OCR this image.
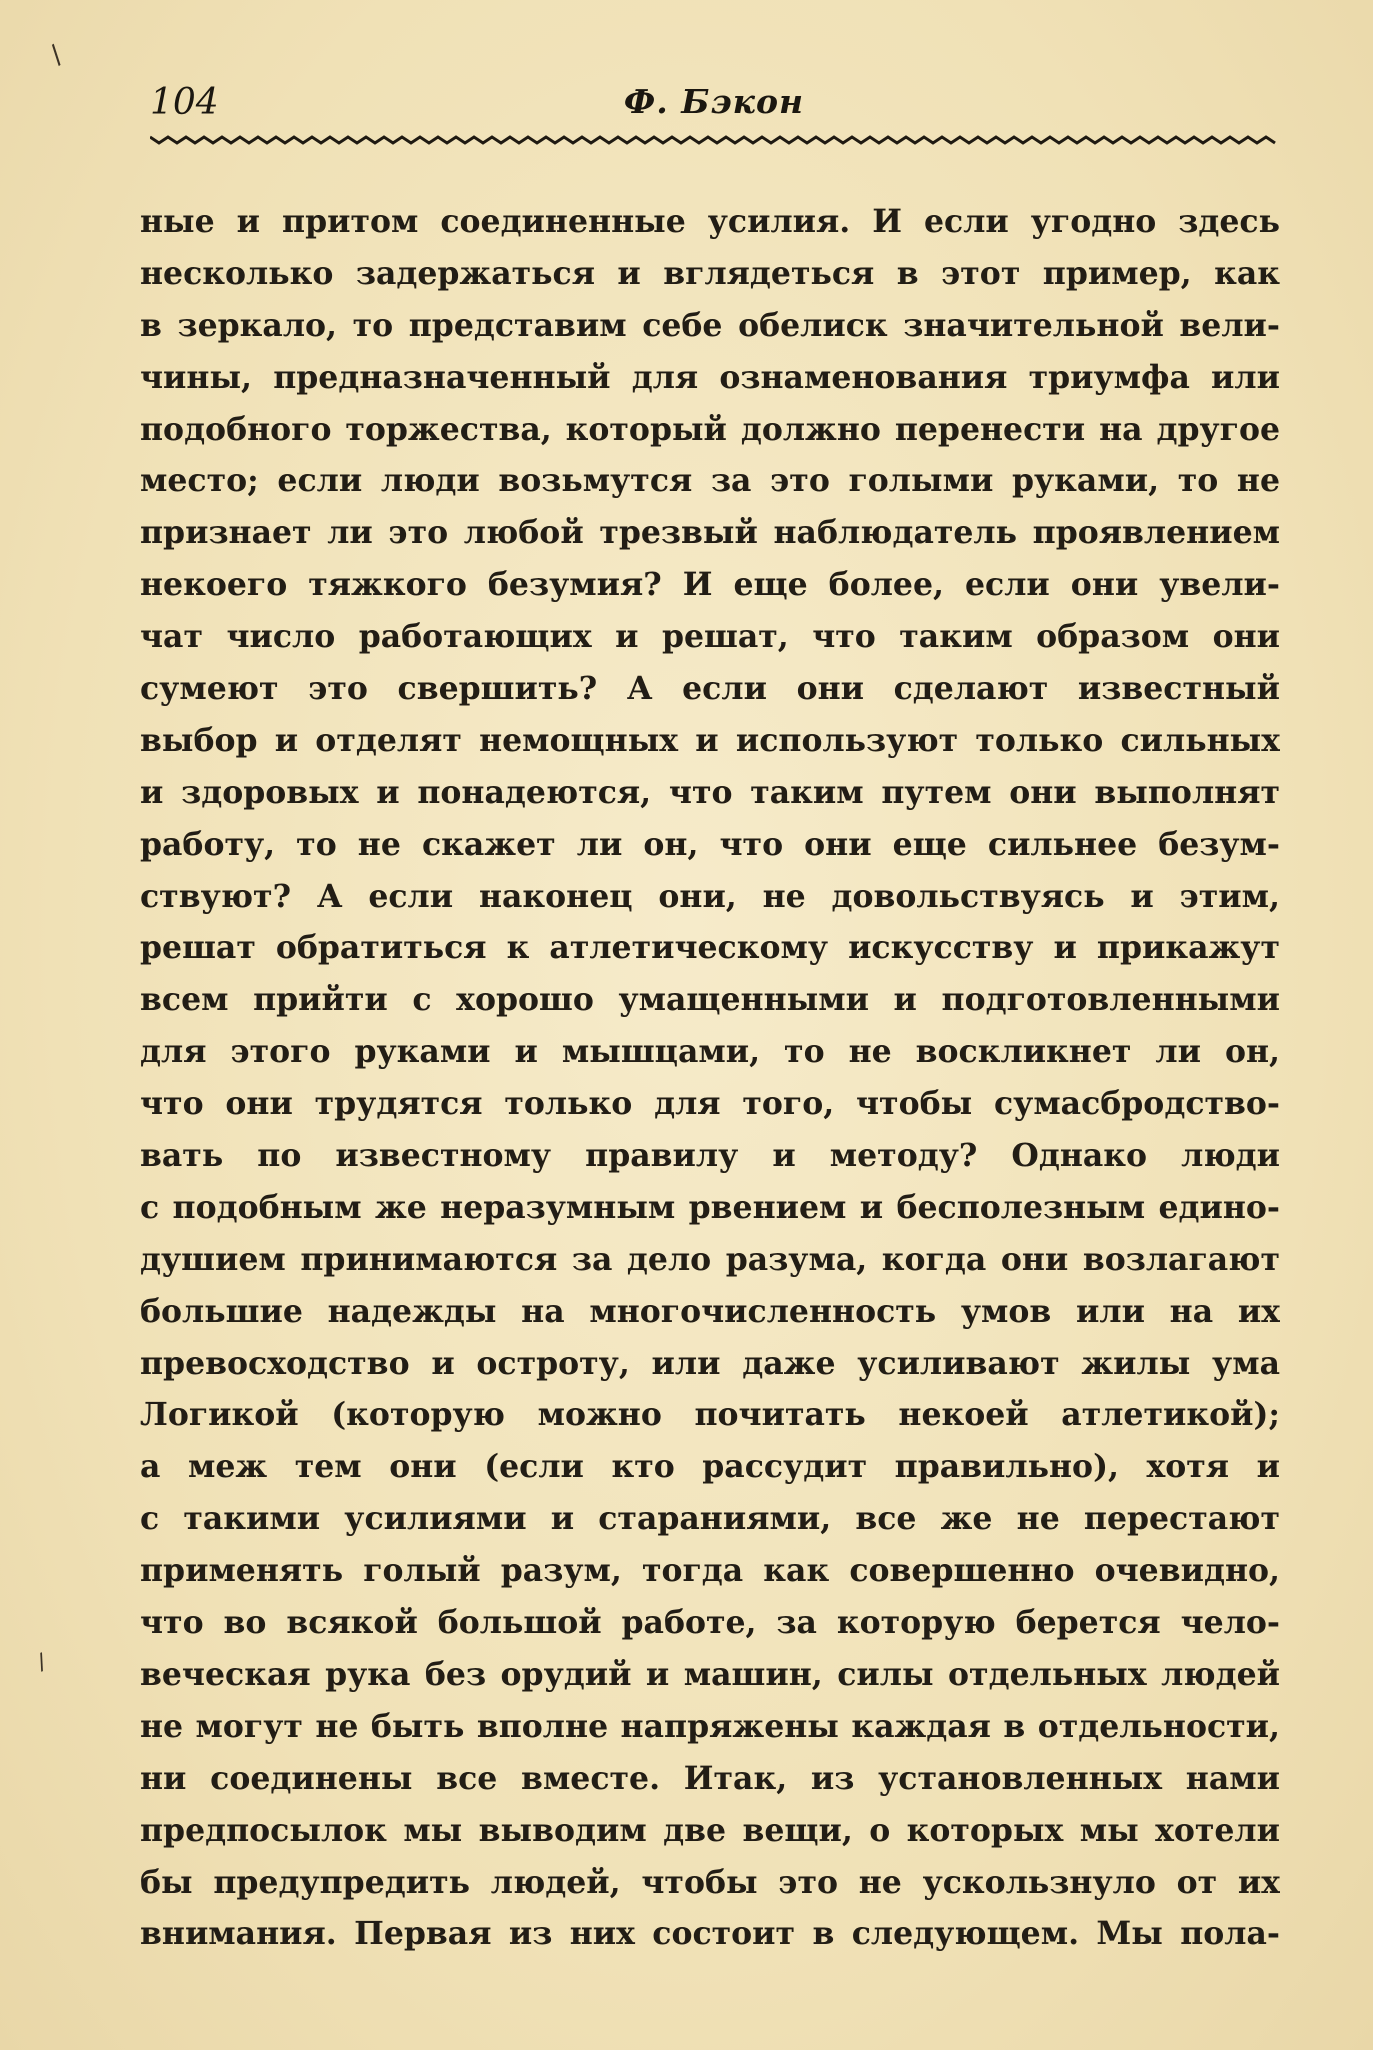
/
/
104	Ф. Бэкон
ные и притом соединенные усилия. И если угодно здесь
несколько задержаться и вглядеться в этот пример, как
в зеркало, то представим себе обелиск значительной вели-
чины, предназначенный для ознаменования триумфа или
подобного торжества, который должно перенести на другое
место; если люди возьмутся за это голыми руками, то не
признает ли это любой трезвый наблюдатель проявлением
некоего тяжкого безумия? И еще более, если они увели-
чат число работающих и решат, что таким образом они
сумеют это свершить? А если они сделают известный
выбор и отделят немощных и используют только сильных
и здоровых и понадеются, что таким путем они выполнят
работу, то не скажет ли он, что они еще сильнее безум-
ствуют? А если наконец они, не довольствуясь и этим,
решат обратиться к атлетическому искусству и прикажут
всем прийти с хорошо умащенными и подготовленными
для этого руками и мышцами, то не воскликнет ли он,
что они трудятся только для того, чтобы сумасбродство-
вать по известному правилу и методу? Однако люди
с подобным же неразумным рвением и бесполезным едино-
душием принимаются за дело разума, когда они возлагают
большие надежды на многочисленность умов или на их
превосходство и остроту, или даже усиливают жилы ума
Логикой (которую можно почитать некоей атлетикой);
а меж тем они (если кто рассудит правильно), хотя и
с такими усилиями и стараниями, все же не перестают
применять голый разум, тогда как совершенно очевидно,
что во всякой большой работе, за которую берется чело-
веческая рука без орудий и машин, силы отдельных людей
не могут не быть вполне напряжены каждая в отдельности,
ни соединены все вместе. Итак, из установленных нами
предпосылок мы выводим две вещи, о которых мы хотели
бы предупредить людей, чтобы это не ускользнуло от их
внимания. Первая из них состоит в следующем. Мы пола-
